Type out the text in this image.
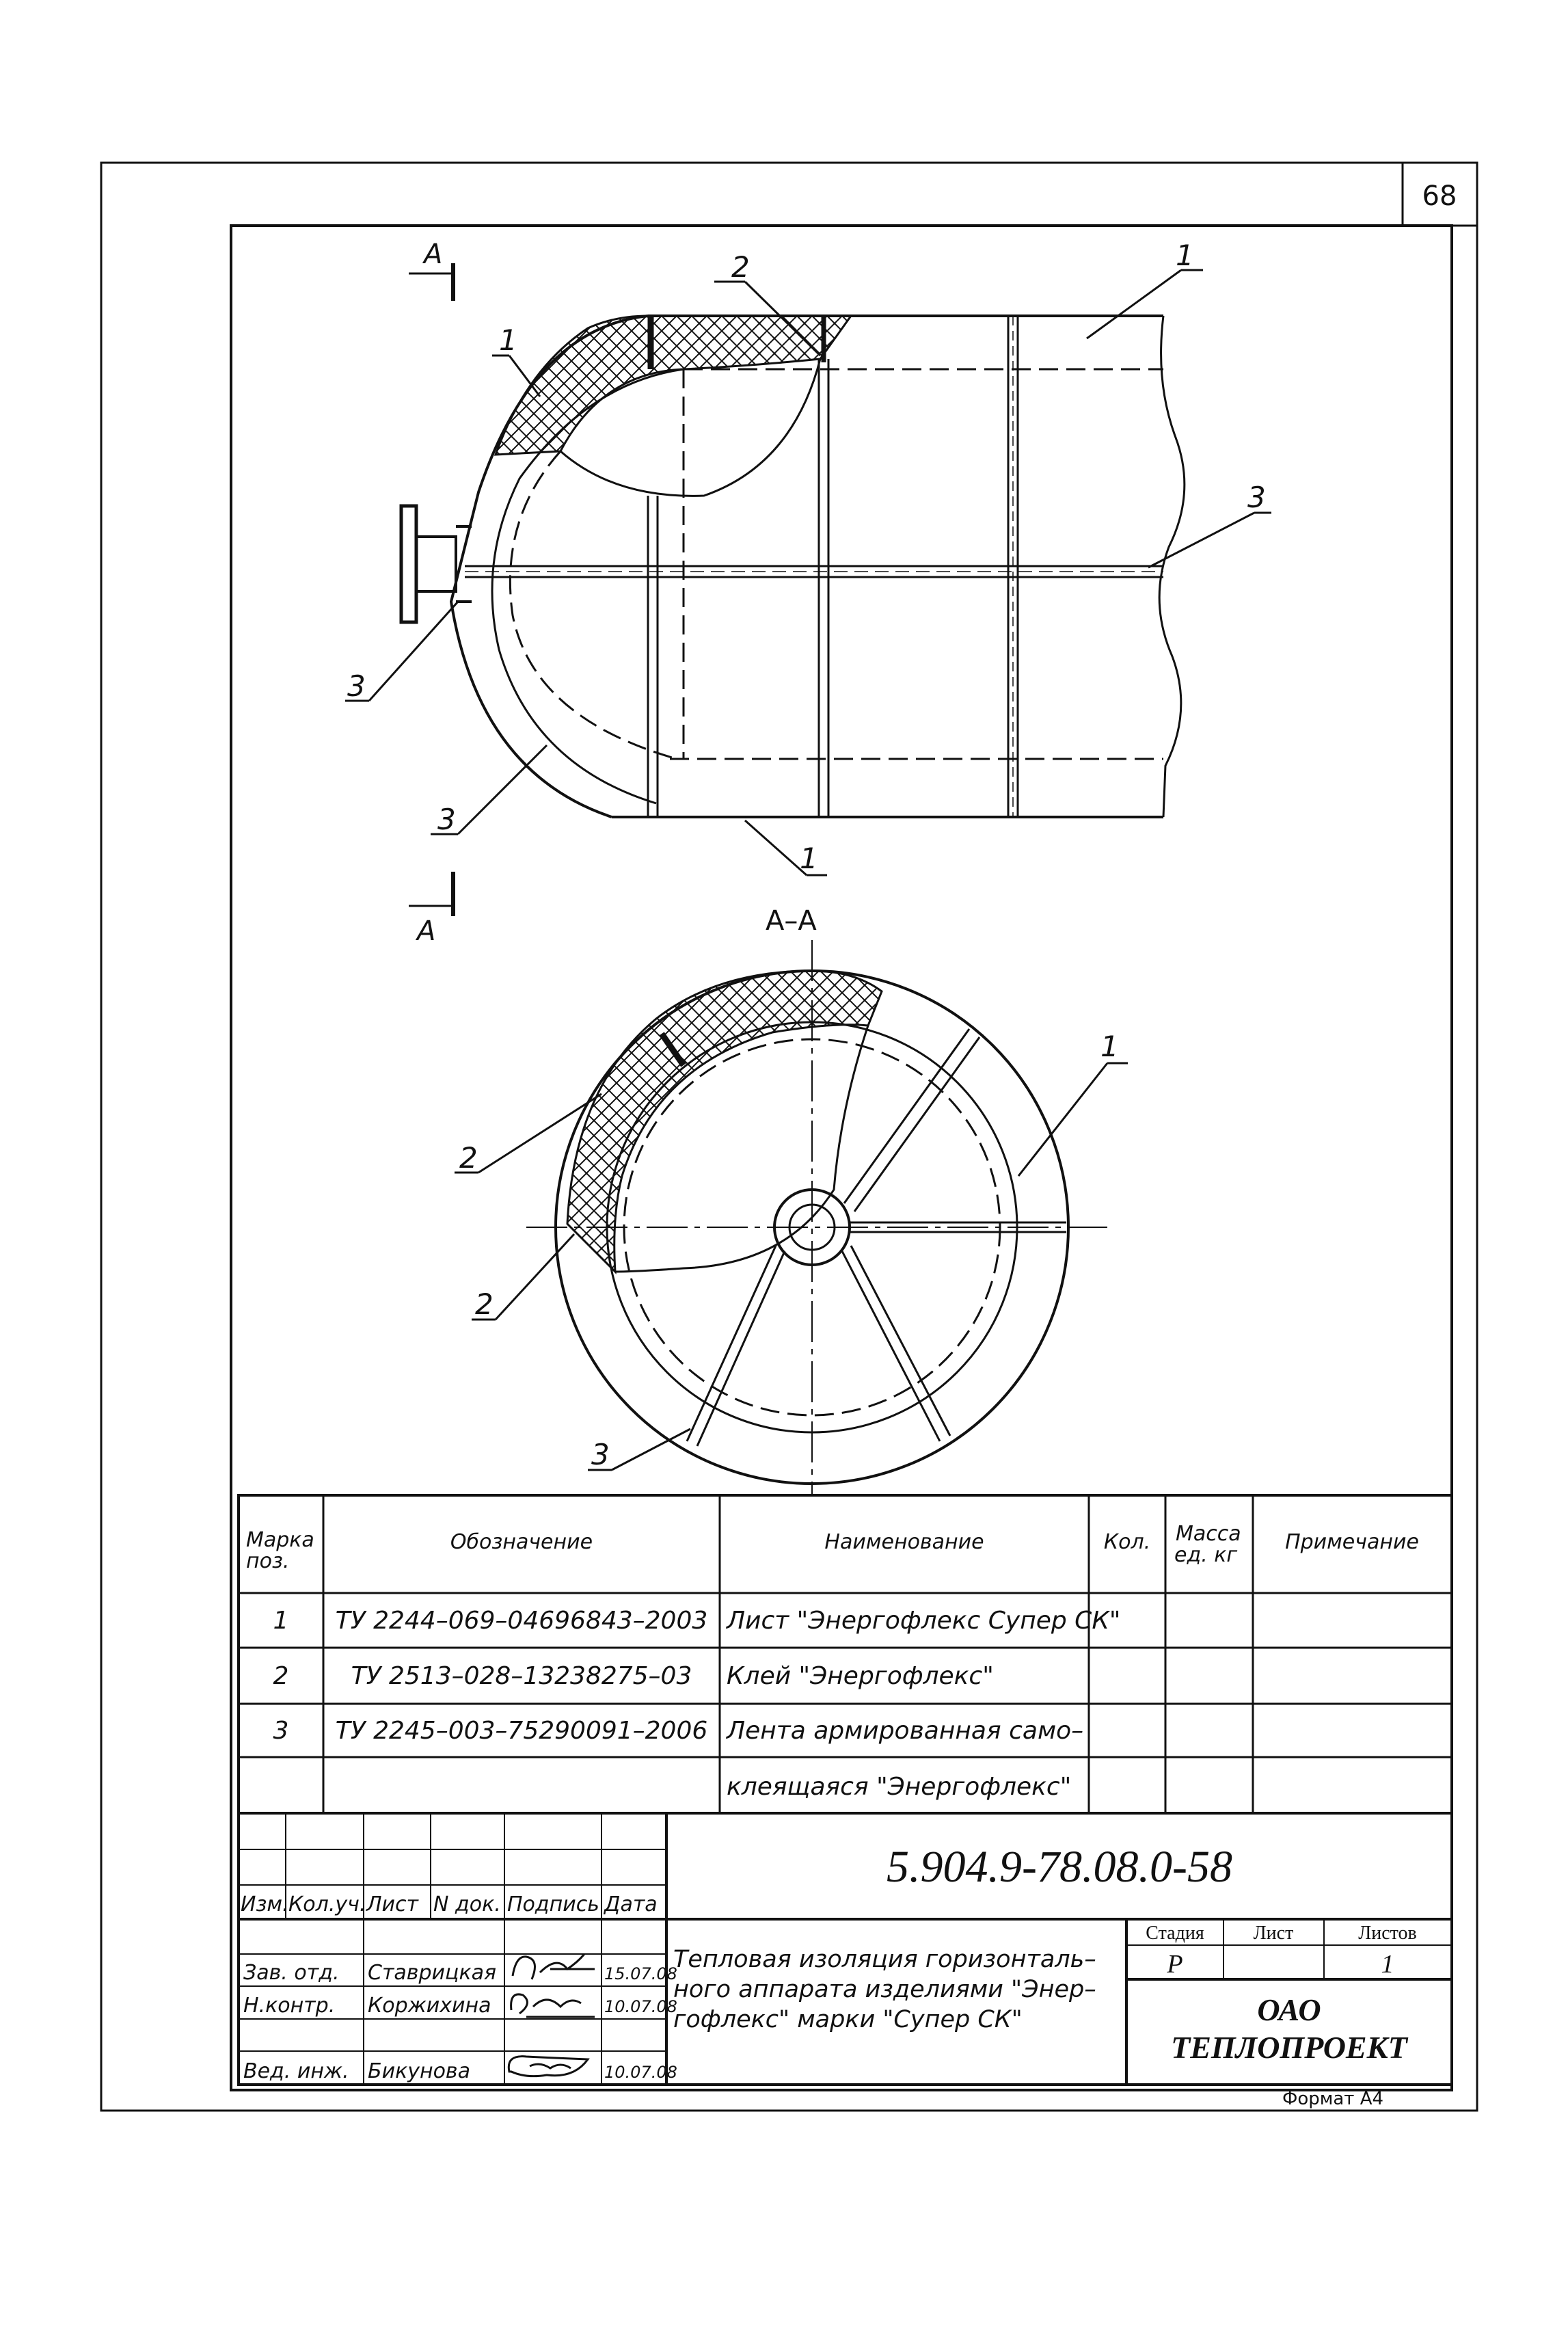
68
А
А
1
2
1
3
3
3
1
А–А
1
2
2
3
Марка
поз.
Обозначение	Наименование	Кол. Масса
ед. кг
Примечание
1 ТУ 2244–069–04696843–2003 Лист "Энергофлекс Супер СК"
2	ТУ 2513–028–13238275–03 Клей "Энергофлекс"
3 ТУ 2245–003–75290091–2006 Лента армированная само–
клеящаяся "Энергофлекс"
Изм. Кол.уч. Лист N док. Подпись Дата
Зав. отд. Ставрицкая	15.07.08
Н.контр. Коржихина	10.07.08
Вед. инж. Бикунова	10.07.08
5.904.9-78.08.0-58
Тепловая изоляция горизонталь–
ного аппарата изделиями "Энер–
гофлекс" марки "Супер СК"
Стадия	Лист	Листов
Р	1
ОАО
ТЕПЛОПРОЕКТ
Формат А4
